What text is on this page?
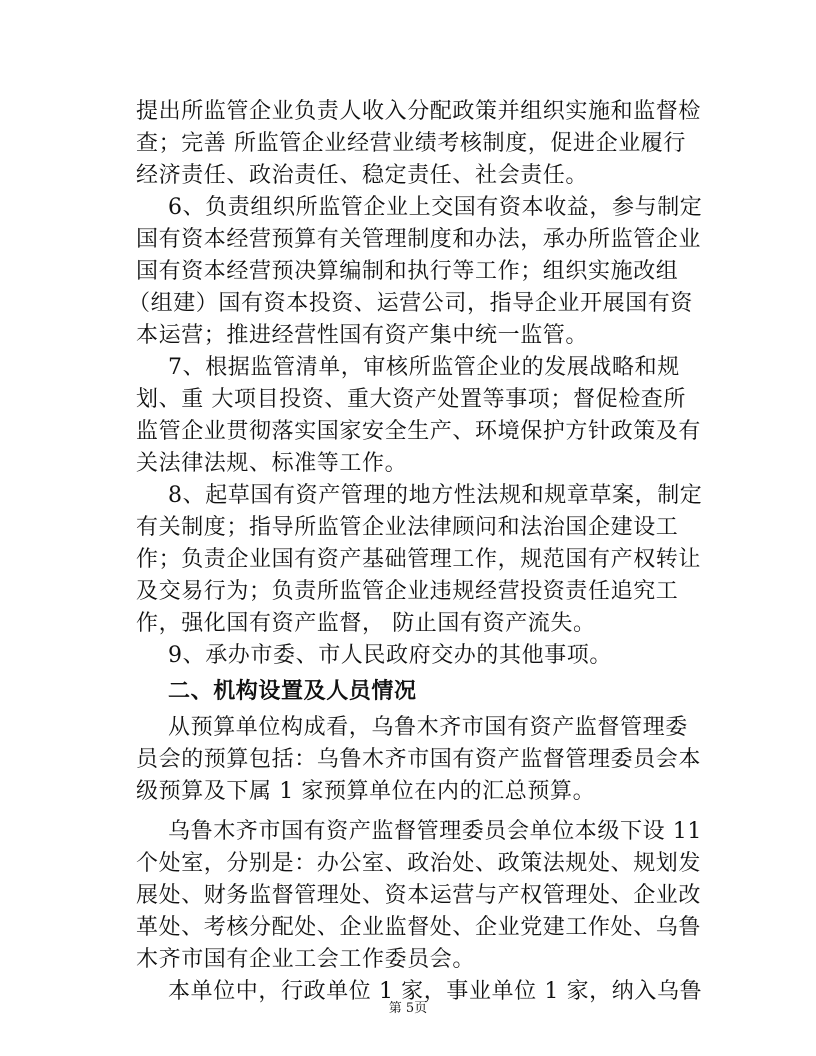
提出所监管企业负责人收入分配政策并组织实施和监督检
查；完善 所监管企业经营业绩考核制度，促进企业履行
经济责任、政治责任、稳定责任、社会责任。
6、负责组织所监管企业上交国有资本收益，参与制定
国有资本经营预算有关管理制度和办法，承办所监管企业
国有资本经营预决算编制和执行等工作；组织实施改组
（组建）国有资本投资、运营公司，指导企业开展国有资
本运营；推进经营性国有资产集中统一监管。
7、根据监管清单，审核所监管企业的发展战略和规
划、重 大项目投资、重大资产处置等事项；督促检查所
监管企业贯彻落实国家安全生产、环境保护方针政策及有
关法律法规、标准等工作。
8、起草国有资产管理的地方性法规和规章草案，制定
有关制度；指导所监管企业法律顾问和法治国企建设工
作；负责企业国有资产基础管理工作，规范国有产权转让
及交易行为；负责所监管企业违规经营投资责任追究工
作，强化国有资产监督， 防止国有资产流失。
9、承办市委、市人民政府交办的其他事项。
二、机构设置及人员情况
从预算单位构成看，乌鲁木齐市国有资产监督管理委
员会的预算包括：乌鲁木齐市国有资产监督管理委员会本
级预算及下属 1 家预算单位在内的汇总预算。
乌鲁木齐市国有资产监督管理委员会单位本级下设 11
个处室，分别是：办公室、政治处、政策法规处、规划发
展处、财务监督管理处、资本运营与产权管理处、企业改
革处、考核分配处、企业监督处、企业党建工作处、乌鲁
木齐市国有企业工会工作委员会。
本单位中，行政单位 1 家，事业单位 1 家，纳入乌鲁
第 5页
